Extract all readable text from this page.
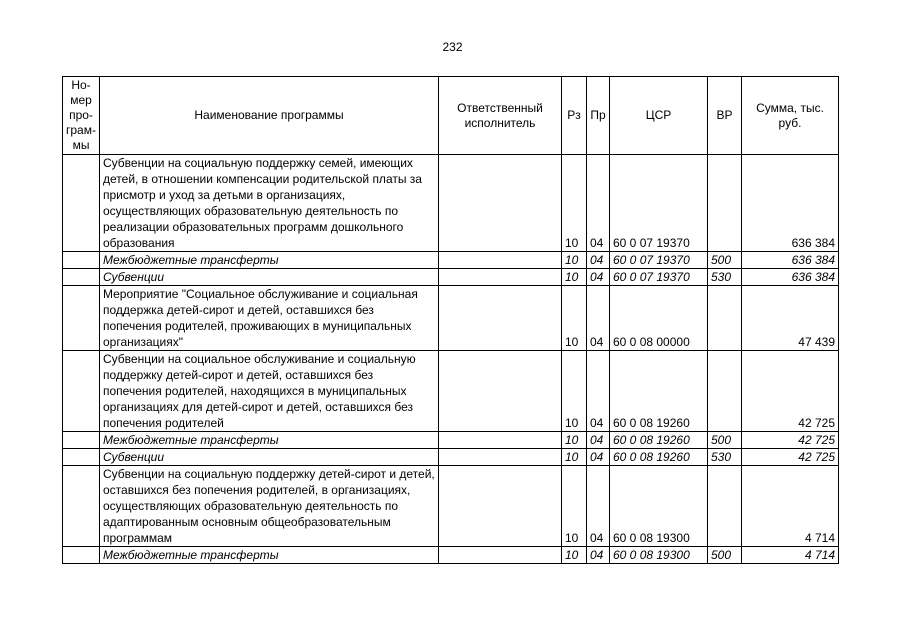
232
Но-
мер
про-
грам-
мы	Наименование программы	Ответственный исполнитель	Рз	Пр	ЦСР	ВР	Сумма, тыс. руб.
	Субвенции на социальную поддержку семей, имеющих детей, в отношении компенсации родительской платы за присмотр и уход за детьми в организациях, осуществляющих образовательную деятельность по реализации образовательных программ дошкольного образования		10	04	60 0 07 19370		636 384
	Межбюджетные трансферты		10	04	60 0 07 19370	500	636 384
	Субвенции		10	04	60 0 07 19370	530	636 384
	Мероприятие "Социальное обслуживание и социальная поддержка детей-сирот и детей, оставшихся без попечения родителей, проживающих в муниципальных организациях"		10	04	60 0 08 00000		47 439
	Субвенции на социальное обслуживание и социальную поддержку детей-сирот и детей, оставшихся без попечения родителей, находящихся в муниципальных организациях для детей-сирот и детей, оставшихся без попечения родителей		10	04	60 0 08 19260		42 725
	Межбюджетные трансферты		10	04	60 0 08 19260	500	42 725
	Субвенции		10	04	60 0 08 19260	530	42 725
	Субвенции на социальную поддержку детей-сирот и детей, оставшихся без попечения родителей, в организациях, осуществляющих образовательную деятельность по адаптированным основным общеобразовательным программам		10	04	60 0 08 19300		4 714
	Межбюджетные трансферты		10	04	60 0 08 19300	500	4 714
